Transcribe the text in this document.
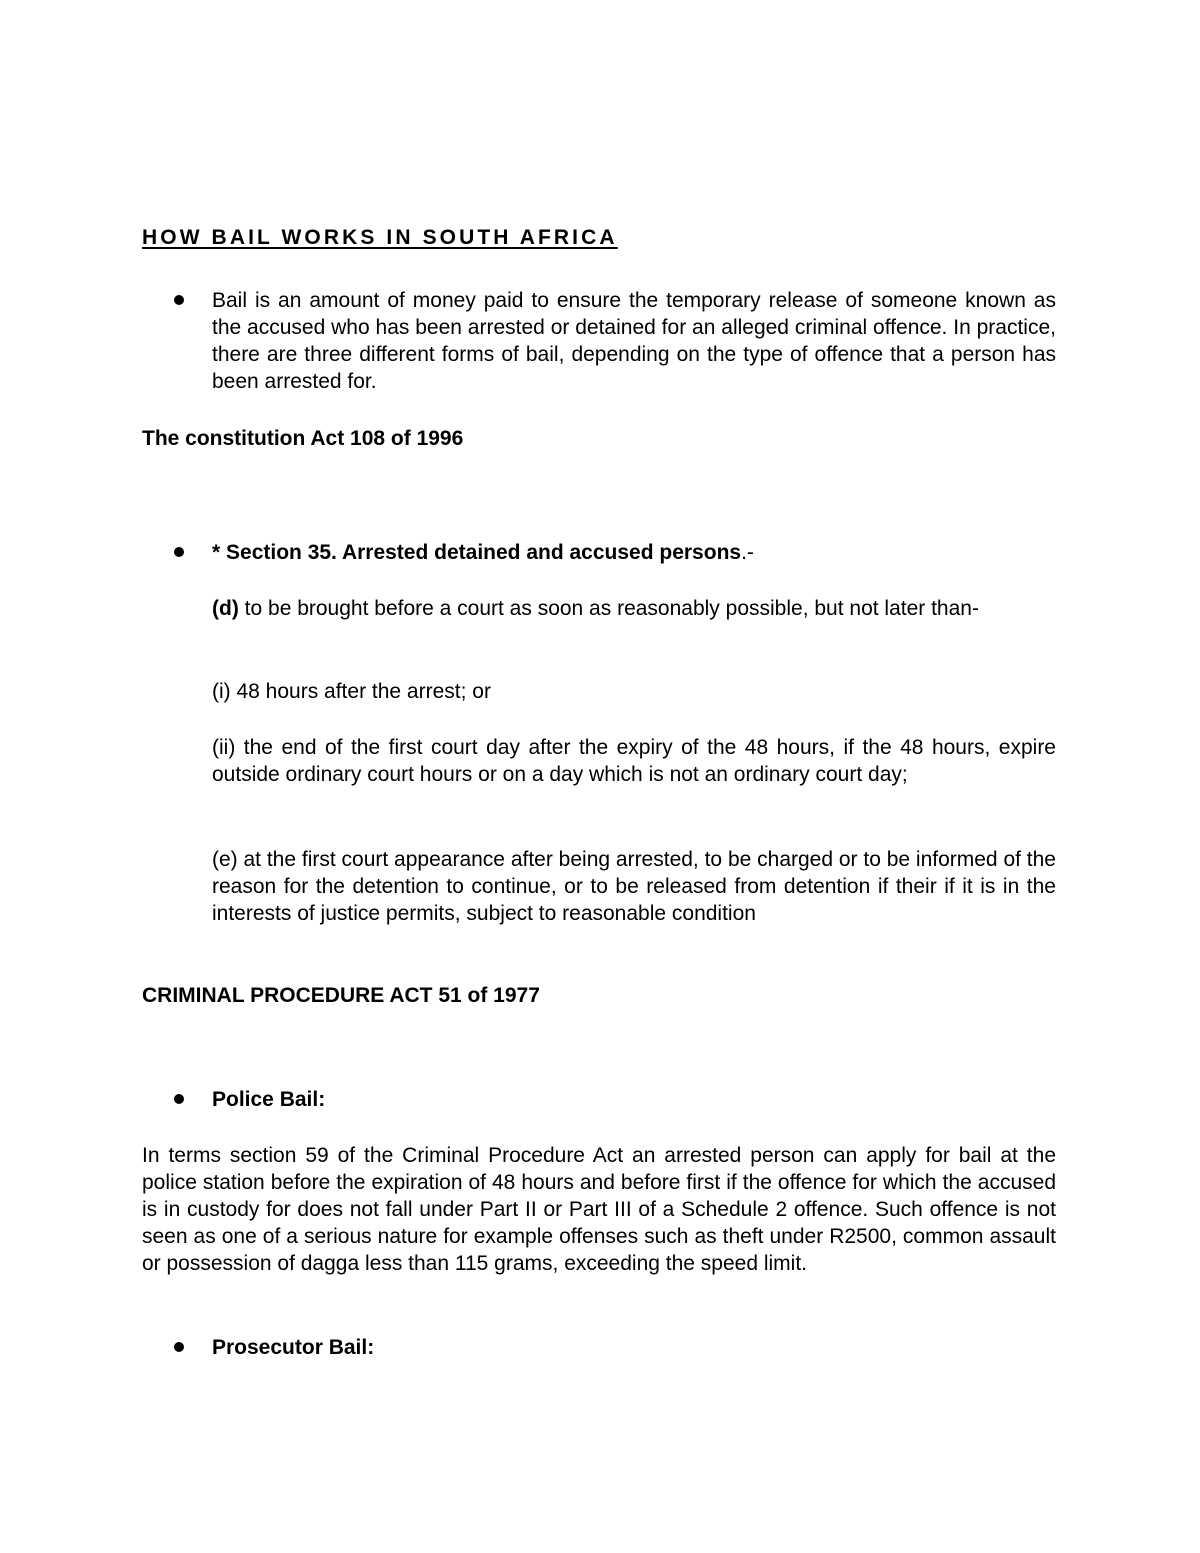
HOW BAIL WORKS IN SOUTH AFRICA
Bail is an amount of money paid to ensure the temporary release of someone known as the accused who has been arrested or detained for an alleged criminal offence. In practice, there are three different forms of bail, depending on the type of offence that a person has been arrested for.
The constitution Act 108 of 1996
* Section 35. Arrested detained and accused persons.-
(d) to be brought before a court as soon as reasonably possible, but not later than-
(i) 48 hours after the arrest; or
(ii) the end of the first court day after the expiry of the 48 hours, if the 48 hours, expire outside ordinary court hours or on a day which is not an ordinary court day;
(e) at the first court appearance after being arrested, to be charged or to be informed of the reason for the detention to continue, or to be released from detention if their if it is in the interests of justice permits, subject to reasonable condition
CRIMINAL PROCEDURE ACT 51 of 1977
Police Bail:
In terms section 59 of the Criminal Procedure Act an arrested person can apply for bail at the police station before the expiration of 48 hours and before first if the offence for which the accused is in custody for does not fall under Part II or Part III of a Schedule 2 offence. Such offence is not seen as one of a serious nature for example offenses such as theft under R2500, common assault or possession of dagga less than 115 grams, exceeding the speed limit.
Prosecutor Bail:
